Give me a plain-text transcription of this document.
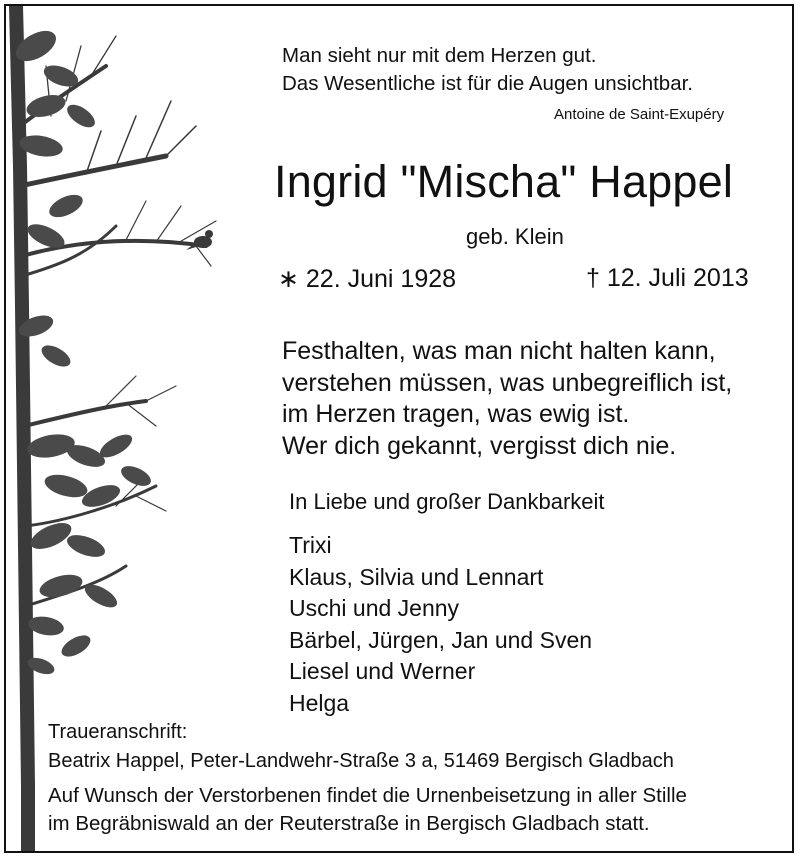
Man sieht nur mit dem Herzen gut.
Das Wesentliche ist für die Augen unsichtbar.
Antoine de Saint-Exupéry
Ingrid "Mischa" Happel
geb. Klein
∗ 22. Juni 1928	† 12. Juli 2013
Festhalten, was man nicht halten kann,
verstehen müssen, was unbegreiflich ist,
im Herzen tragen, was ewig ist.
Wer dich gekannt, vergisst dich nie.
In Liebe und großer Dankbarkeit
Trixi
Klaus, Silvia und Lennart
Uschi und Jenny
Bärbel, Jürgen, Jan und Sven
Liesel und Werner
Helga
Traueranschrift:
Beatrix Happel, Peter-Landwehr-Straße 3 a, 51469 Bergisch Gladbach
Auf Wunsch der Verstorbenen findet die Urnenbeisetzung in aller Stille
im Begräbniswald an der Reuterstraße in Bergisch Gladbach statt.
